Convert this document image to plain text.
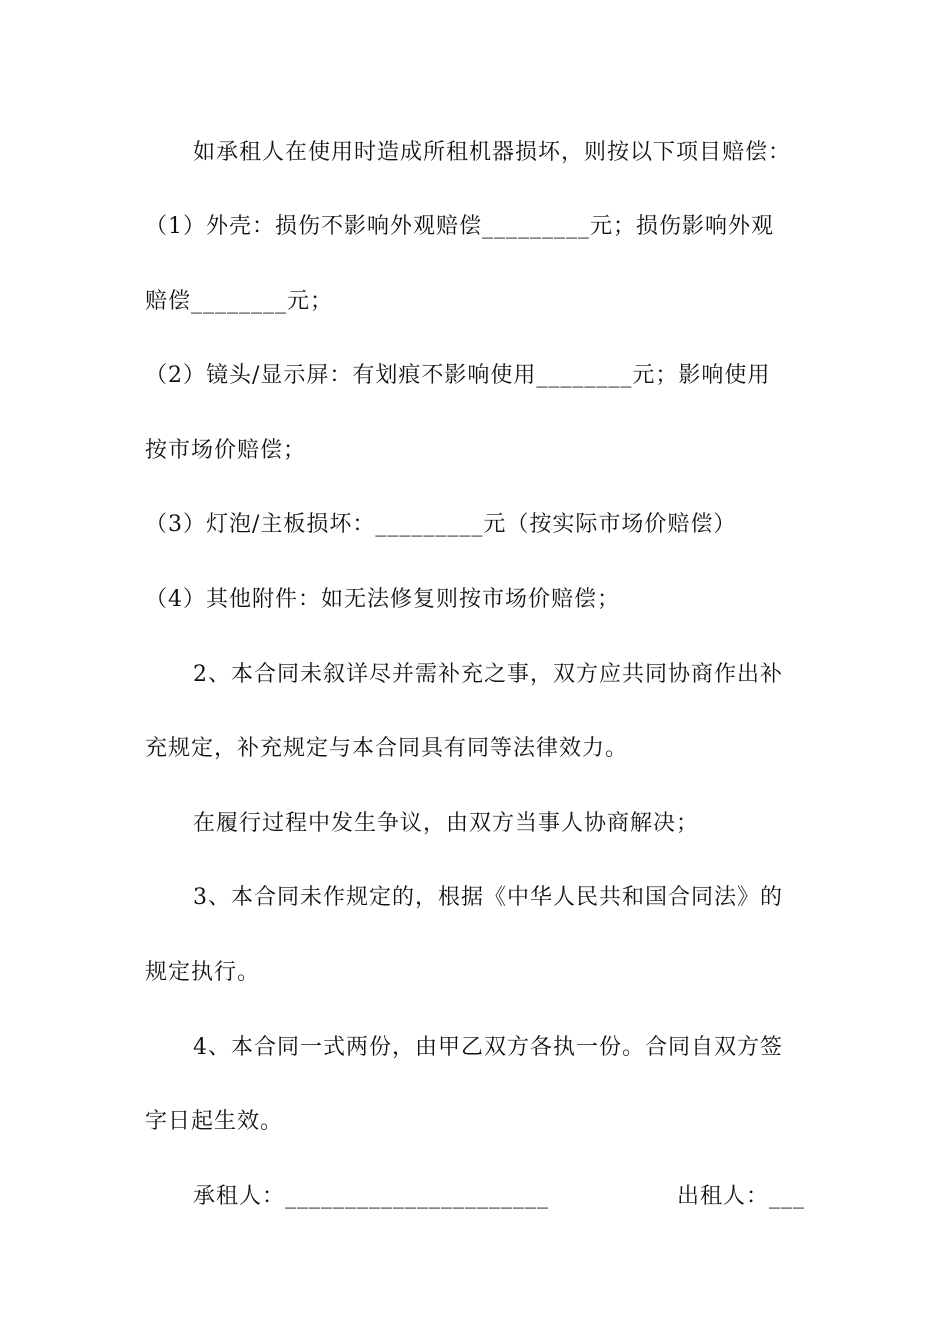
如承租人在使用时造成所租机器损坏，则按以下项目赔偿：
（1）外壳：损伤不影响外观赔偿_________元；损伤影响外观
赔偿________元；
（2）镜头/显示屏：有划痕不影响使用________元；影响使用
按市场价赔偿；
（3）灯泡/主板损坏：_________元（按实际市场价赔偿）
（4）其他附件：如无法修复则按市场价赔偿；
2、本合同未叙详尽并需补充之事，双方应共同协商作出补
充规定，补充规定与本合同具有同等法律效力。
在履行过程中发生争议，由双方当事人协商解决；
3、本合同未作规定的，根据《中华人民共和国合同法》的
规定执行。
4、本合同一式两份，由甲乙双方各执一份。合同自双方签
字日起生效。
承租人：______________________	出租人：___
